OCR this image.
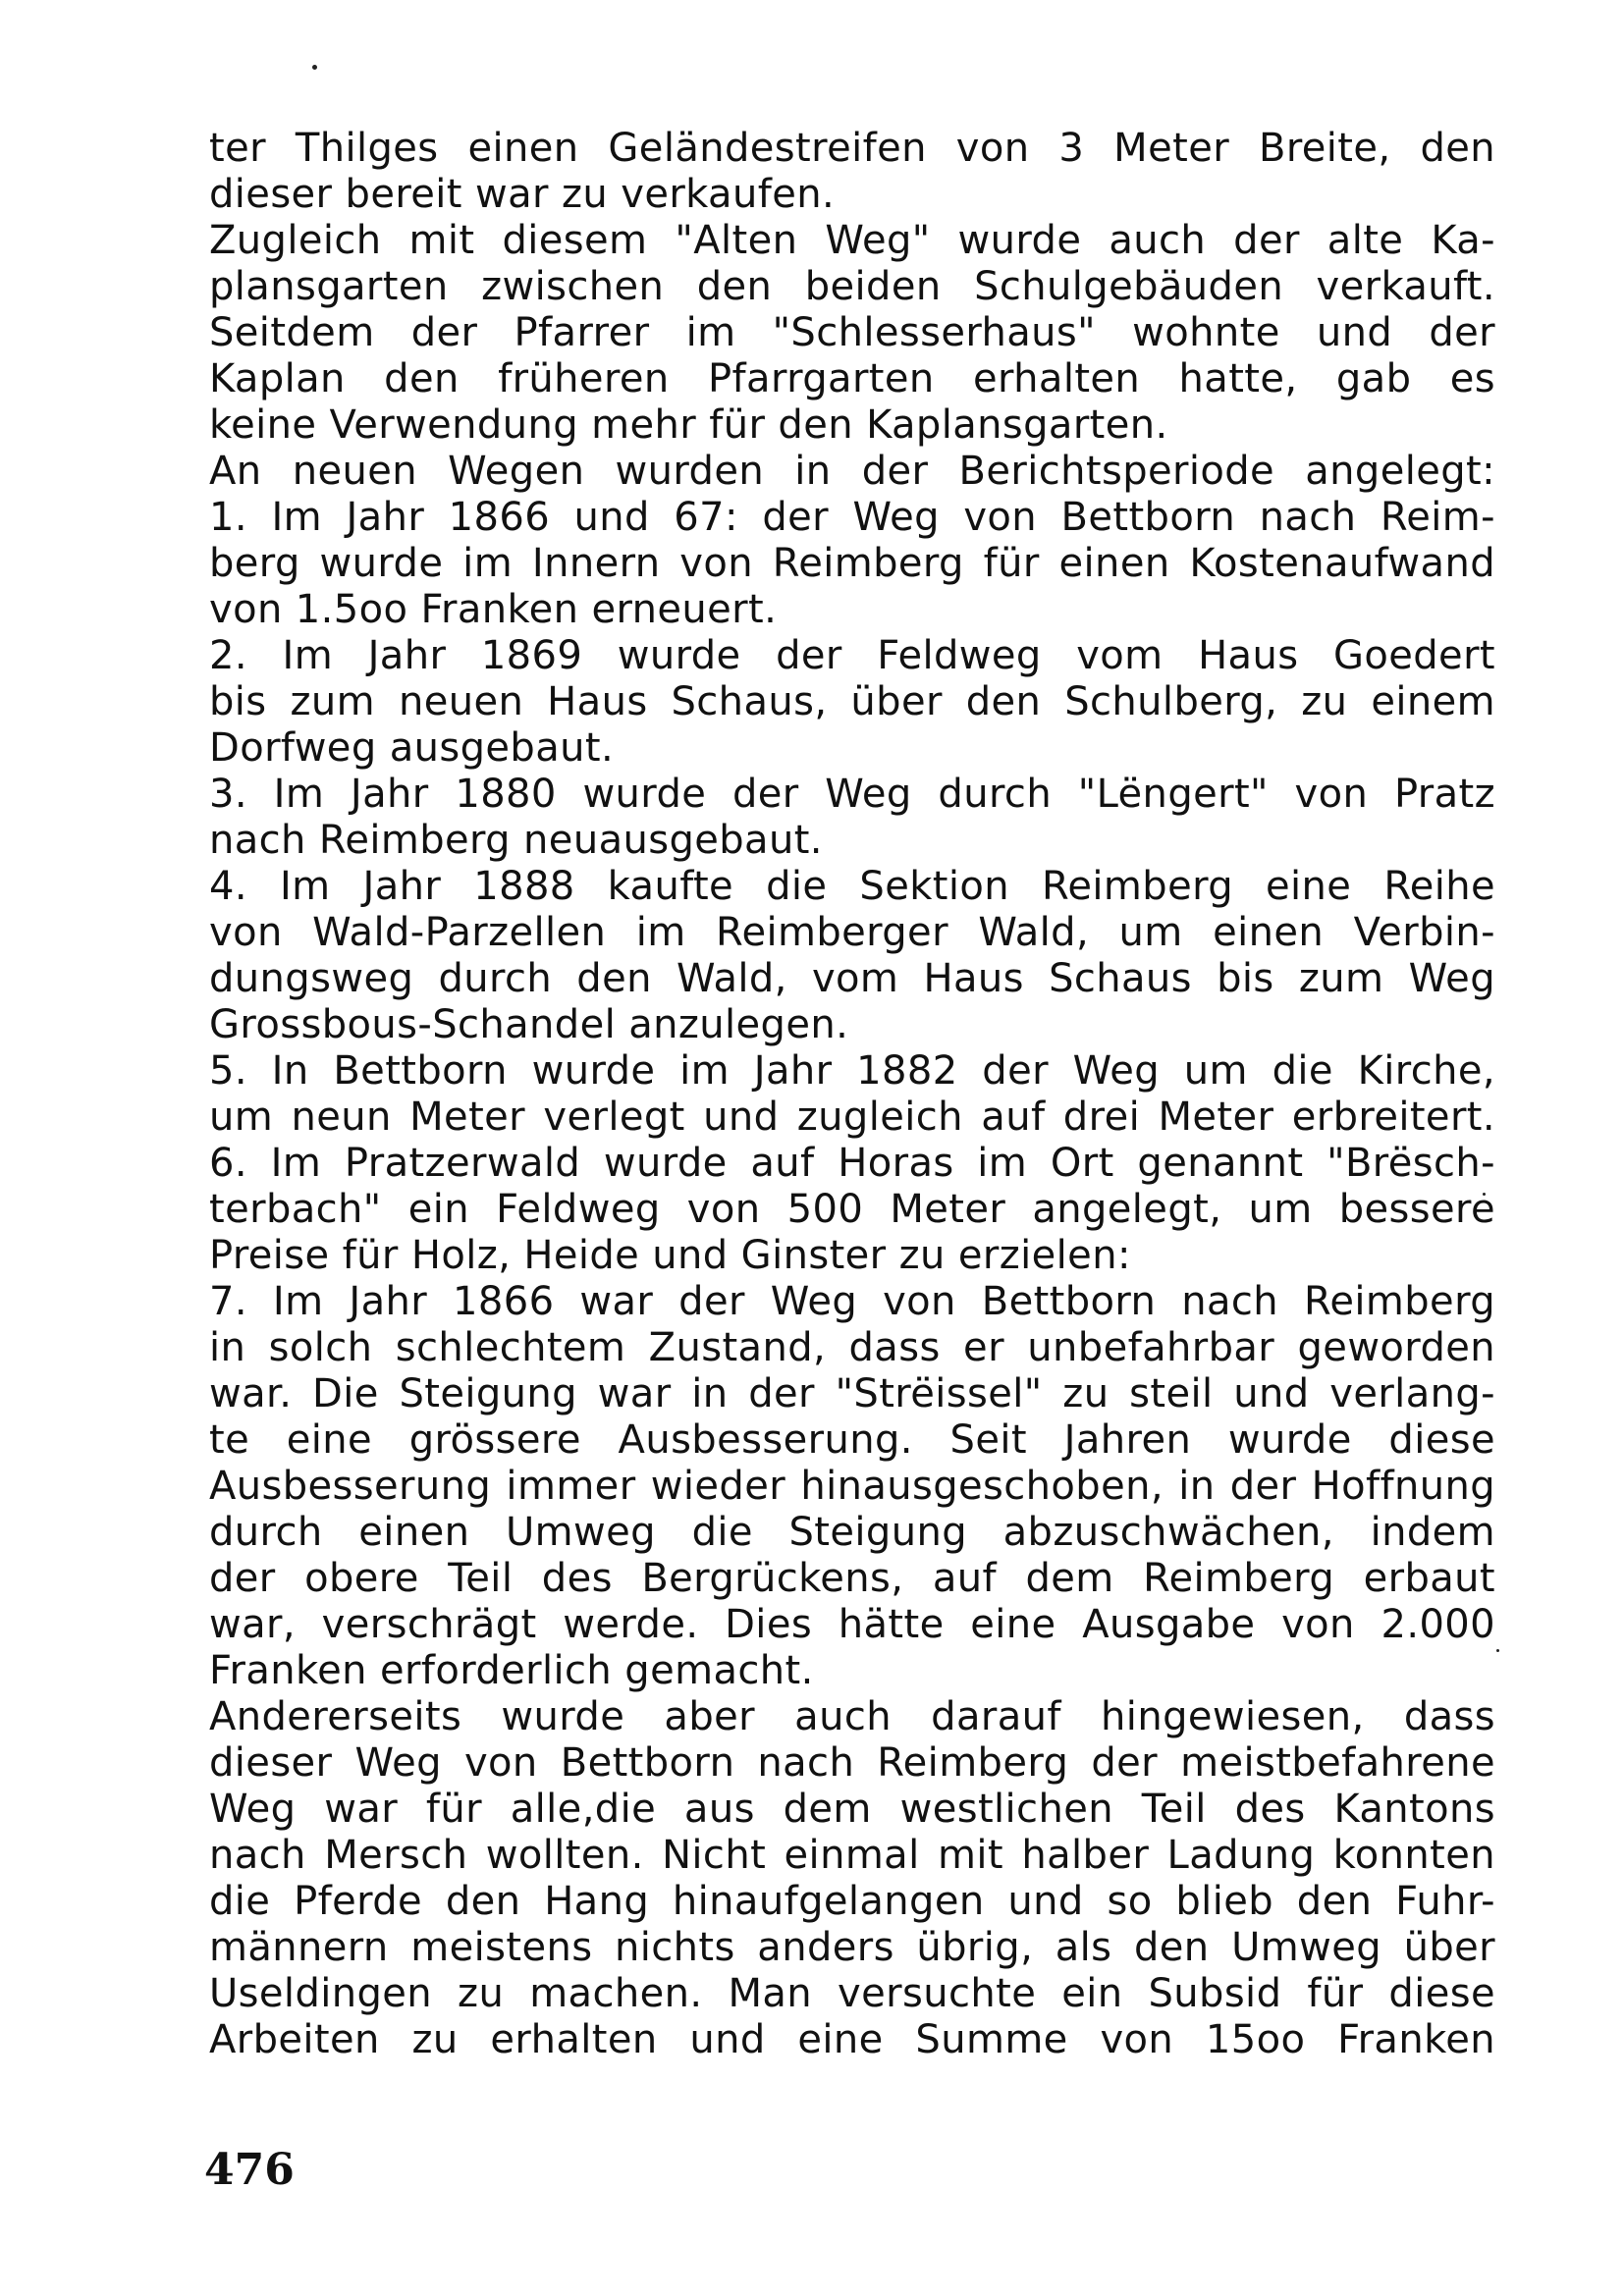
ter Thilges einen Geländestreifen von 3 Meter Breite, den
dieser bereit war zu verkaufen.
Zugleich mit diesem "Alten Weg" wurde auch der alte Ka-
plansgarten zwischen den beiden Schulgebäuden verkauft.
Seitdem der Pfarrer im "Schlesserhaus" wohnte und der
Kaplan den früheren Pfarrgarten erhalten hatte, gab es
keine Verwendung mehr für den Kaplansgarten.
An neuen Wegen wurden in der Berichtsperiode angelegt:
1. Im Jahr 1866 und 67: der Weg von Bettborn nach Reim-
berg wurde im Innern von Reimberg für einen Kostenaufwand
von 1.5oo Franken erneuert.
2. Im Jahr 1869 wurde der Feldweg vom Haus Goedert
bis zum neuen Haus Schaus, über den Schulberg, zu einem
Dorfweg ausgebaut.
3. Im Jahr 1880 wurde der Weg durch "Lëngert" von Pratz
nach Reimberg neuausgebaut.
4. Im Jahr 1888 kaufte die Sektion Reimberg eine Reihe
von Wald-Parzellen im Reimberger Wald, um einen Verbin-
dungsweg durch den Wald, vom Haus Schaus bis zum Weg
Grossbous-Schandel anzulegen.
5. In Bettborn wurde im Jahr 1882 der Weg um die Kirche,
um neun Meter verlegt und zugleich auf drei Meter erbreitert.
6. Im Pratzerwald wurde auf Horas im Ort genannt "Brësch-
terbach" ein Feldweg von 500 Meter angelegt, um bessere
Preise für Holz, Heide und Ginster zu erzielen:
7. Im Jahr 1866 war der Weg von Bettborn nach Reimberg
in solch schlechtem Zustand, dass er unbefahrbar geworden
war. Die Steigung war in der "Strëissel" zu steil und verlang-
te eine grössere Ausbesserung. Seit Jahren wurde diese
Ausbesserung immer wieder hinausgeschoben, in der Hoffnung
durch einen Umweg die Steigung abzuschwächen, indem
der obere Teil des Bergrückens, auf dem Reimberg erbaut
war, verschrägt werde. Dies hätte eine Ausgabe von 2.000
Franken erforderlich gemacht.
Andererseits wurde aber auch darauf hingewiesen, dass
dieser Weg von Bettborn nach Reimberg der meistbefahrene
Weg war für alle,die aus dem westlichen Teil des Kantons
nach Mersch wollten. Nicht einmal mit halber Ladung konnten
die Pferde den Hang hinaufgelangen und so blieb den Fuhr-
männern meistens nichts anders übrig, als den Umweg über
Useldingen zu machen. Man versuchte ein Subsid für diese
Arbeiten zu erhalten und eine Summe von 15oo Franken
476
